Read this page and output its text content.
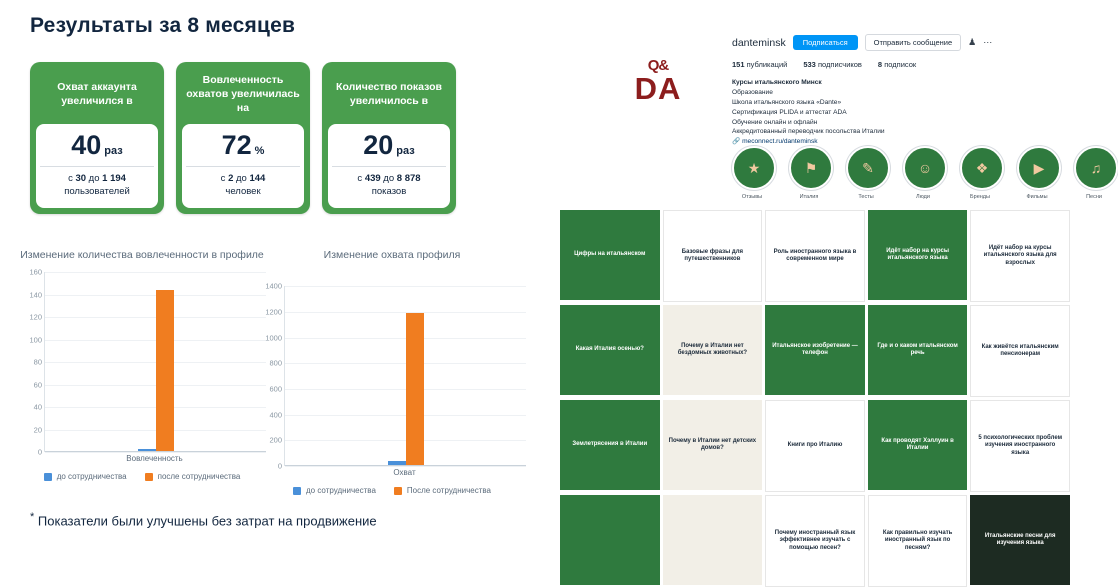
Результаты за 8 месяцев
Охват аккаунта увеличился в
40 раз
с 30 до 1 194
пользователей
Вовлеченность охватов увеличилась на
72 %
с 2 до 144
человек
Количество показов увеличилось в
20 раз
с 439 до 8 878
показов
Изменение количества вовлеченности в профиле
0
20
40
60
80
100
120
140
160
Вовлеченность
до сотрудничества	после сотрудничества
Изменение охвата профиля
0
200
400
600
800
1000
1200
1400
Охват
до сотрудничества	После сотрудничества
* Показатели были улучшены без затрат на продвижение
Q&
DA
danteminsk	Подписаться	Отправить сообщение	♟ ⋯
151 публикаций 533 подписчиков 8 подписок
Курсы итальянского Минск
Образование
Школа итальянского языка «Dante»
Сертификация PLIDA и аттестат ADA
Обучение онлайн и офлайн
Аккредитованный переводчик посольства Италии
🔗 meconnect.ru/danteminsk
★
Отзывы
⚑
Италия
✎
Тесты
☺
Люди
❖
Бренды
▶
Фильмы
♫
Песни
Цифры на итальянском	Базовые фразы для путешественников
Роль иностранного языка в современном мире
Идёт набор на курсы итальянского языка
Идёт набор на курсы итальянского языка для взрослых
Какая Италия осенью?
Почему в Италии нет бездомных животных?
Итальянское изобретение — телефон
Где и о каком итальянском речь
Как живётся итальянским пенсионерам
Землетрясения в Италии
Почему в Италии нет детских домов?	Книги про Италию
Как проводят Хэллуин в Италии
5 психологических проблем изучения иностранного языка
Почему иностранный язык эффективнее изучать с помощью песен?
Как правильно изучать иностранный язык по песням?
Итальянские песни для изучения языка
